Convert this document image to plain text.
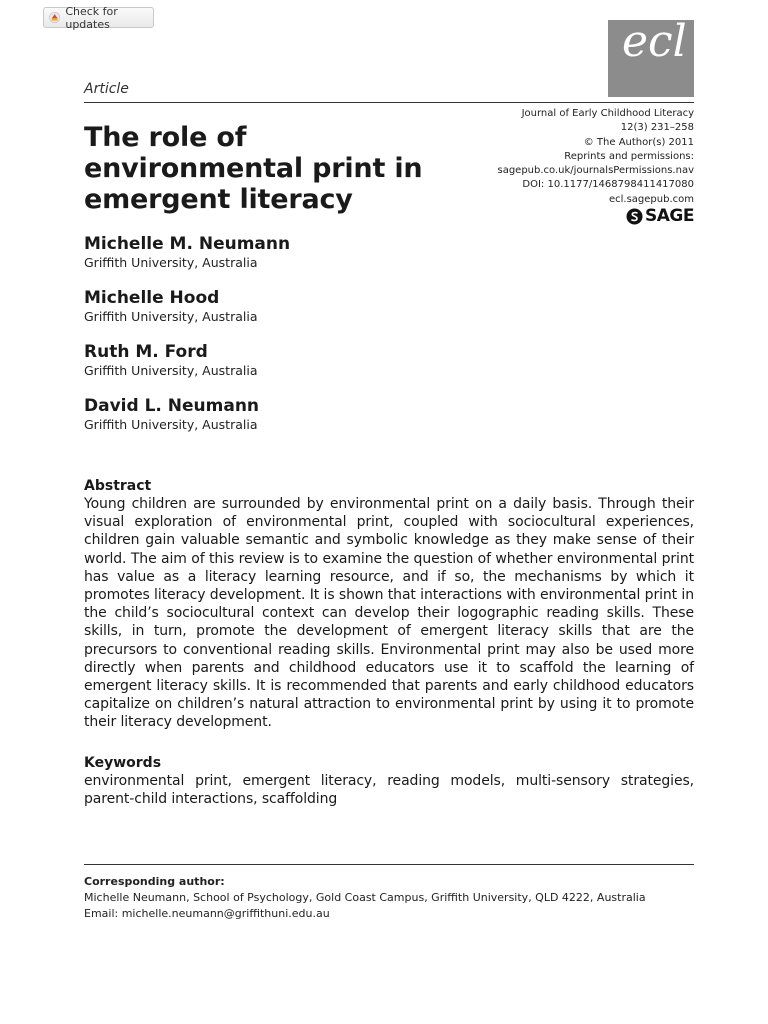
Check for updates	ecl
Article
Journal of Early Childhood Literacy
12(3) 231–258
© The Author(s) 2011
Reprints and permissions:
sagepub.co.uk/journalsPermissions.nav
DOI: 10.1177/1468798411417080
ecl.sagepub.com
SAGE
The role of environmental print in emergent literacy
Michelle M. Neumann
Griffith University, Australia
Michelle Hood
Griffith University, Australia
Ruth M. Ford
Griffith University, Australia
David L. Neumann
Griffith University, Australia
Abstract

Young children are surrounded by environmental print on a daily basis. Through their visual exploration of environmental print, coupled with sociocultural experiences, children gain valuable semantic and symbolic knowledge as they make sense of their world. The aim of this review is to examine the question of whether environmental print has value as a literacy learning resource, and if so, the mechanisms by which it promotes literacy development. It is shown that interactions with environmental print in the child’s sociocultural context can develop their logographic reading skills. These skills, in turn, promote the development of emergent literacy skills that are the precursors to conventional reading skills. Environmental print may also be used more directly when parents and childhood educators use it to scaffold the learning of emergent literacy skills. It is recommended that parents and early childhood educators capitalize on children’s natural attraction to environmental print by using it to promote their literacy development.

Keywords

environmental print, emergent literacy, reading models, multi-sensory strategies, parent-child interactions, scaffolding

Corresponding author:
Michelle Neumann, School of Psychology, Gold Coast Campus, Griffith University, QLD 4222, Australia
Email: michelle.neumann@griffithuni.edu.au
